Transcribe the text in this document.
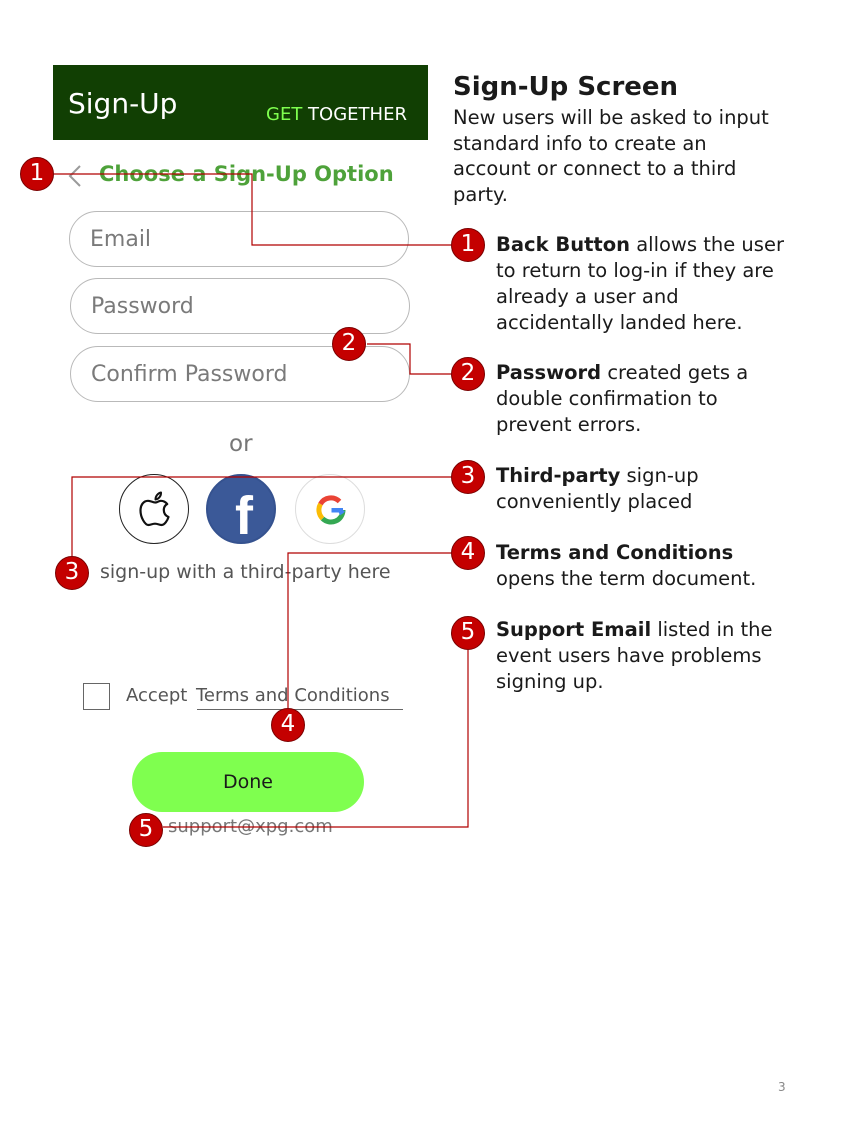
Sign-Up	GET TOGETHER
Choose a Sign-Up Option
Email
or
f
sign-up with a third-party here
Accept Terms and Conditions
Done
support@xpg.com
1
2
3
4
5
Sign-Up Screen
New users will be asked to input standard info to create an account or connect to a third party.
1	Back Button allows the user to return to log-in if they are already a user and accidentally landed here.
2	Password created gets a double confirmation to prevent errors.
3	Third-party sign-up conveniently placed
4	Terms and Conditions opens the term document.
5	Support Email listed in the event users have problems signing up.
3
